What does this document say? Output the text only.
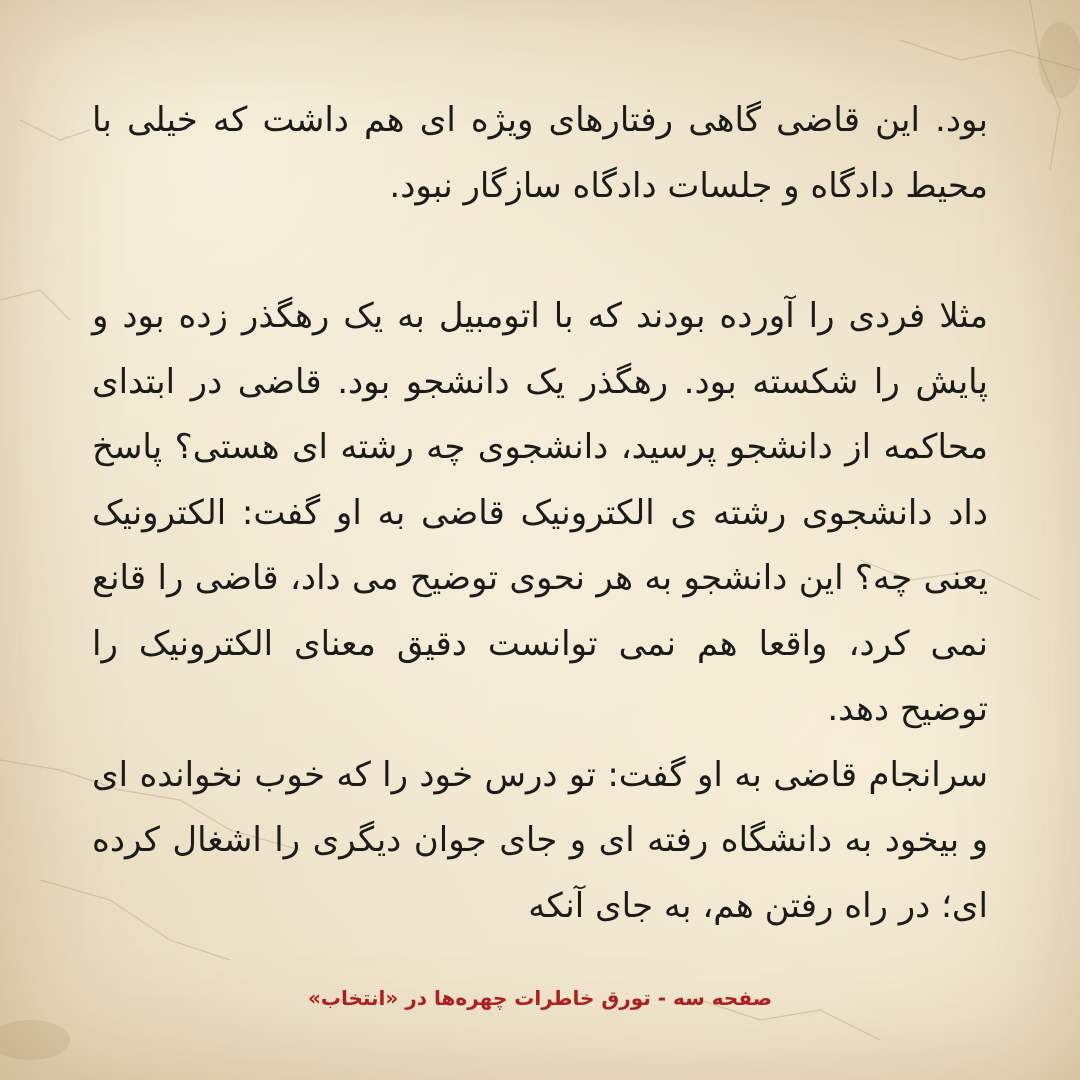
بود. این قاضی گاهی رفتارهای ویژه ای هم داشت که خیلی با محیط دادگاه و جلسات دادگاه سازگار نبود.

مثلا فردی را آورده بودند که با اتومبیل به یک رهگذر زده بود و پایش را شکسته بود. رهگذر یک دانشجو بود. قاضی در ابتدای محاکمه از دانشجو پرسید، دانشجوی چه رشته ای هستی؟ پاسخ داد دانشجوی رشته ی الکترونیک قاضی به او گفت: الکترونیک یعنی چه؟ این دانشجو به هر نحوی توضیح می داد، قاضی را قانع نمی کرد، واقعا هم نمی توانست دقیق معنای الکترونیک را توضیح دهد.

سرانجام قاضی به او گفت: تو درس خود را که خوب نخوانده ای و بیخود به دانشگاه رفته ای و جای جوان دیگری را اشغال کرده ای؛ در راه رفتن هم، به جای آنکه

صفحه سه - تورق خاطرات چهره‌ها در «انتخاب»
